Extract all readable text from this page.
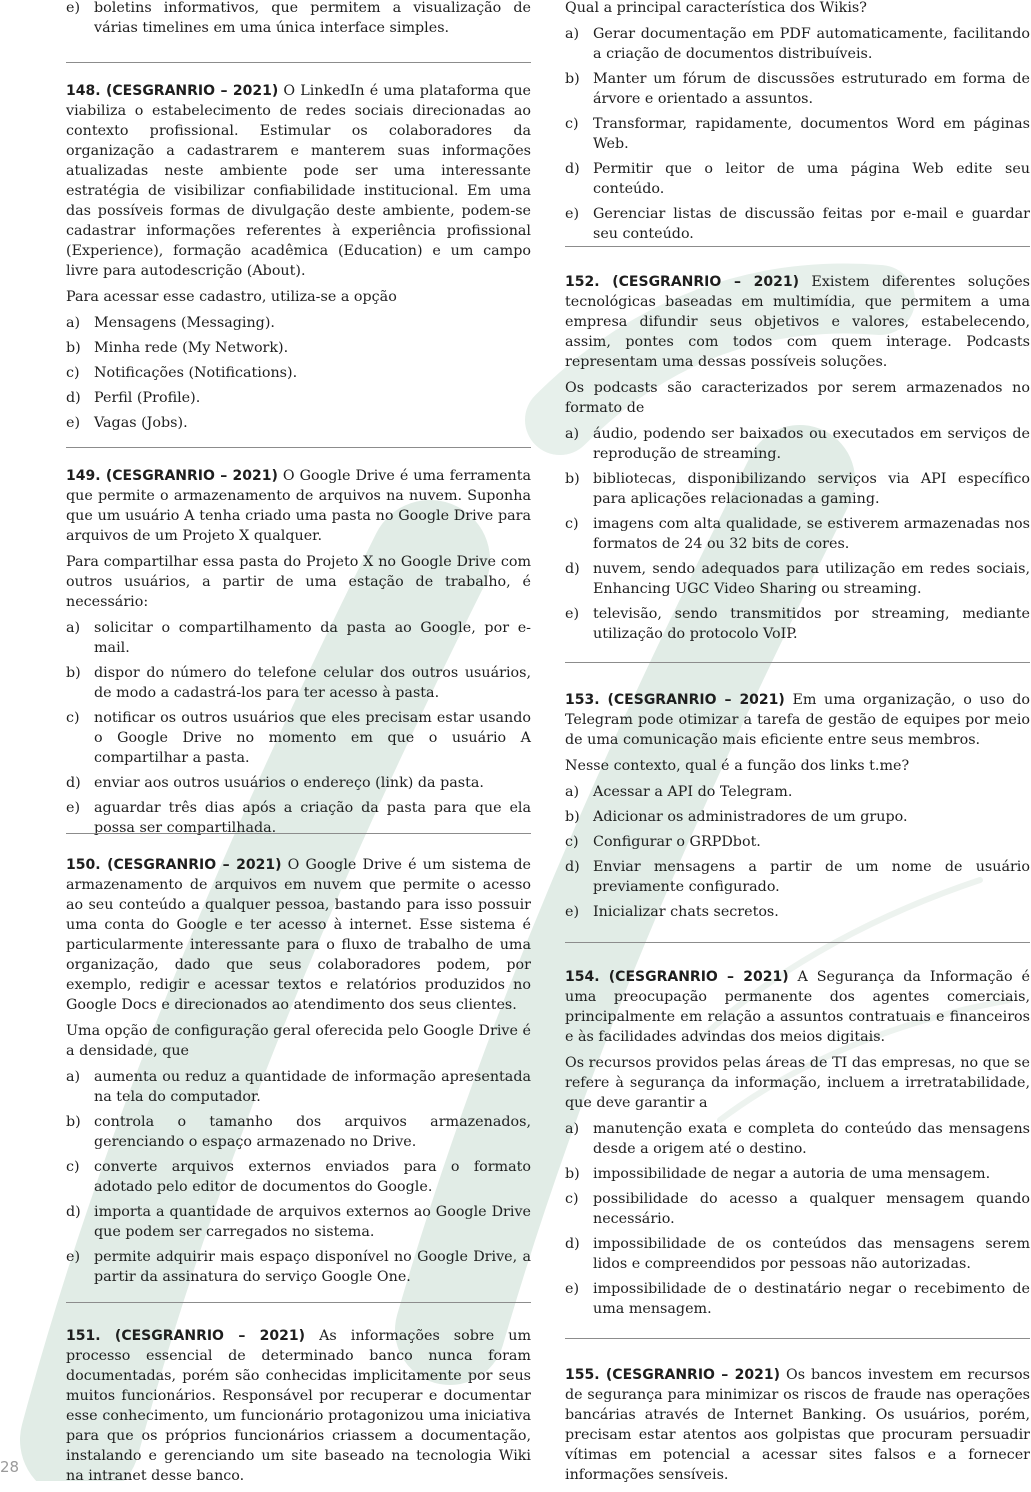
e) boletins informativos, que permitem a visualização de várias timelines em uma única interface simples.

148. (CESGRANRIO – 2021) O LinkedIn é uma plataforma que viabiliza o estabelecimento de redes sociais direcionadas ao contexto profissional. Estimular os colaboradores da organização a cadastrarem e manterem suas informações atualizadas neste ambiente pode ser uma interessante estratégia de visibilizar confiabilidade institucional. Em uma das possíveis formas de divulgação deste ambiente, podem-se cadastrar informações referentes à experiência profissional (Experience), formação acadêmica (Education) e um campo livre para autodescrição (About).

Para acessar esse cadastro, utiliza-se a opção

a) Mensagens (Messaging).
b) Minha rede (My Network).
c) Notificações (Notifications).
d) Perfil (Profile).
e) Vagas (Jobs).

149. (CESGRANRIO – 2021) O Google Drive é uma ferramenta que permite o armazenamento de arquivos na nuvem. Suponha que um usuário A tenha criado uma pasta no Google Drive para arquivos de um Projeto X qualquer.

Para compartilhar essa pasta do Projeto X no Google Drive com outros usuários, a partir de uma estação de trabalho, é necessário:

a) solicitar o compartilhamento da pasta ao Google, por e-mail.
b) dispor do número do telefone celular dos outros usuários, de modo a cadastrá-los para ter acesso à pasta.
c) notificar os outros usuários que eles precisam estar usando o Google Drive no momento em que o usuário A compartilhar a pasta.
d) enviar aos outros usuários o endereço (link) da pasta.
e) aguardar três dias após a criação da pasta para que ela possa ser compartilhada.

150. (CESGRANRIO – 2021) O Google Drive é um sistema de armazenamento de arquivos em nuvem que permite o acesso ao seu conteúdo a qualquer pessoa, bastando para isso possuir uma conta do Google e ter acesso à internet. Esse sistema é particularmente interessante para o fluxo de trabalho de uma organização, dado que seus colaboradores podem, por exemplo, redigir e acessar textos e relatórios produzidos no Google Docs e direcionados ao atendimento dos seus clientes.

Uma opção de configuração geral oferecida pelo Google Drive é a densidade, que

a) aumenta ou reduz a quantidade de informação apresentada na tela do computador.
b) controla o tamanho dos arquivos armazenados, gerenciando o espaço armazenado no Drive.
c) converte arquivos externos enviados para o formato adotado pelo editor de documentos do Google.
d) importa a quantidade de arquivos externos ao Google Drive que podem ser carregados no sistema.
e) permite adquirir mais espaço disponível no Google Drive, a partir da assinatura do serviço Google One.

151. (CESGRANRIO – 2021) As informações sobre um processo essencial de determinado banco nunca foram documentadas, porém são conhecidas implicitamente por seus muitos funcionários. Responsável por recuperar e documentar esse conhecimento, um funcionário protagonizou uma iniciativa para que os próprios funcionários criassem a documentação, instalando e gerenciando um site baseado na tecnologia Wiki na intranet desse banco.

Qual a principal característica dos Wikis?

a) Gerar documentação em PDF automaticamente, facilitando a criação de documentos distribuíveis.
b) Manter um fórum de discussões estruturado em forma de árvore e orientado a assuntos.
c) Transformar, rapidamente, documentos Word em páginas Web.
d) Permitir que o leitor de uma página Web edite seu conteúdo.
e) Gerenciar listas de discussão feitas por e-mail e guardar seu conteúdo.

152. (CESGRANRIO – 2021) Existem diferentes soluções tecnológicas baseadas em multimídia, que permitem a uma empresa difundir seus objetivos e valores, estabelecendo, assim, pontes com todos com quem interage. Podcasts representam uma dessas possíveis soluções.

Os podcasts são caracterizados por serem armazenados no formato de

a) áudio, podendo ser baixados ou executados em serviços de reprodução de streaming.
b) bibliotecas, disponibilizando serviços via API específico para aplicações relacionadas a gaming.
c) imagens com alta qualidade, se estiverem armazenadas nos formatos de 24 ou 32 bits de cores.
d) nuvem, sendo adequados para utilização em redes sociais, Enhancing UGC Video Sharing ou streaming.
e) televisão, sendo transmitidos por streaming, mediante utilização do protocolo VoIP.

153. (CESGRANRIO – 2021) Em uma organização, o uso do Telegram pode otimizar a tarefa de gestão de equipes por meio de uma comunicação mais eficiente entre seus membros.

Nesse contexto, qual é a função dos links t.me?

a) Acessar a API do Telegram.
b) Adicionar os administradores de um grupo.
c) Configurar o GRPDbot.
d) Enviar mensagens a partir de um nome de usuário previamente configurado.
e) Inicializar chats secretos.

154. (CESGRANRIO – 2021) A Segurança da Informação é uma preocupação permanente dos agentes comerciais, principalmente em relação a assuntos contratuais e financeiros e às facilidades advindas dos meios digitais.

Os recursos providos pelas áreas de TI das empresas, no que se refere à segurança da informação, incluem a irretratabilidade, que deve garantir a

a) manutenção exata e completa do conteúdo das mensagens desde a origem até o destino.
b) impossibilidade de negar a autoria de uma mensagem.
c) possibilidade do acesso a qualquer mensagem quando necessário.
d) impossibilidade de os conteúdos das mensagens serem lidos e compreendidos por pessoas não autorizadas.
e) impossibilidade de o destinatário negar o recebimento de uma mensagem.

155. (CESGRANRIO – 2021) Os bancos investem em recursos de segurança para minimizar os riscos de fraude nas operações bancárias através de Internet Banking. Os usuários, porém, precisam estar atentos aos golpistas que procuram persuadir vítimas em potencial a acessar sites falsos e a fornecer informações sensíveis.

28
